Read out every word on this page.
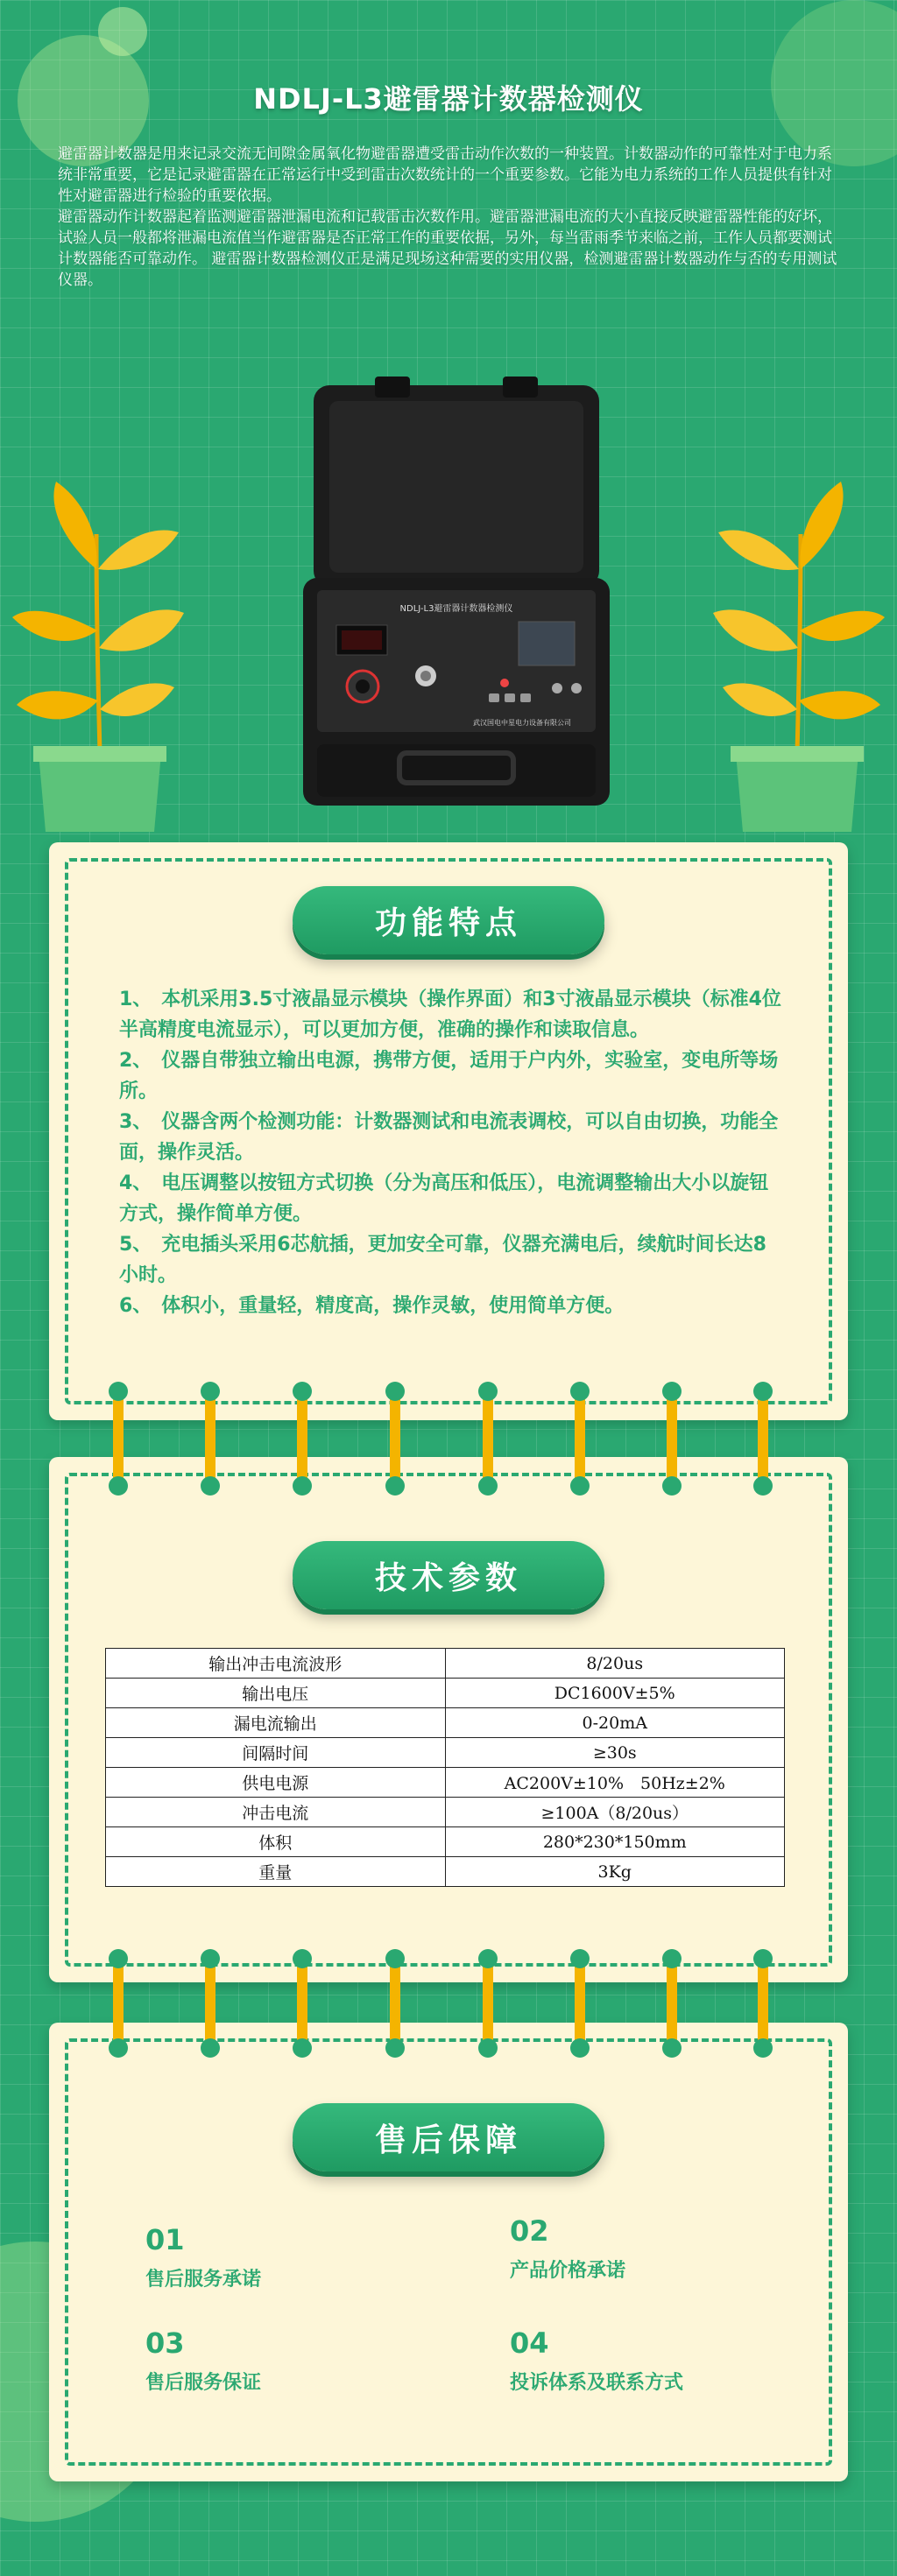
NDLJ-L3避雷器计数器检测仪

避雷器计数器是用来记录交流无间隙金属氧化物避雷器遭受雷击动作次数的一种装置。计数器动作的可靠性对于电力系统非常重要，它是记录避雷器在正常运行中受到雷击次数统计的一个重要参数。它能为电力系统的工作人员提供有针对性对避雷器进行检验的重要依据。

避雷器动作计数器起着监测避雷器泄漏电流和记载雷击次数作用。避雷器泄漏电流的大小直接反映避雷器性能的好坏，试验人员一般都将泄漏电流值当作避雷器是否正常工作的重要依据，另外，每当雷雨季节来临之前，工作人员都要测试计数器能否可靠动作。 避雷器计数器检测仪正是满足现场这种需要的实用仪器，检测避雷器计数器动作与否的专用测试仪器。

NDLJ-L3避雷器计数器检测仪
武汉国电中星电力设备有限公司
功能特点
1、　本机采用3.5寸液晶显示模块（操作界面）和3寸液晶显示模块（标准4位半高精度电流显示），可以更加方便，准确的操作和读取信息。
2、　仪器自带独立输出电源，携带方便，适用于户内外，实验室，变电所等场所。
3、　仪器含两个检测功能：计数器测试和电流表调校，可以自由切换，功能全面，操作灵活。
4、　电压调整以按钮方式切换（分为高压和低压），电流调整输出大小以旋钮方式，操作简单方便。
5、　充电插头采用6芯航插，更加安全可靠，仪器充满电后，续航时间长达8小时。
6、　体积小，重量轻，精度高，操作灵敏，使用简单方便。
技术参数
输出冲击电流波形	8/20us
输出电压	DC1600V±5%
漏电流输出	0-20mA
间隔时间	≥30s
供电电源	AC200V±10%　50Hz±2%
冲击电流	≥100A（8/20us）
体积	280*230*150mm
重量	3Kg
售后保障
01
售后服务承诺
02
产品价格承诺
03
售后服务保证
04
投诉体系及联系方式
